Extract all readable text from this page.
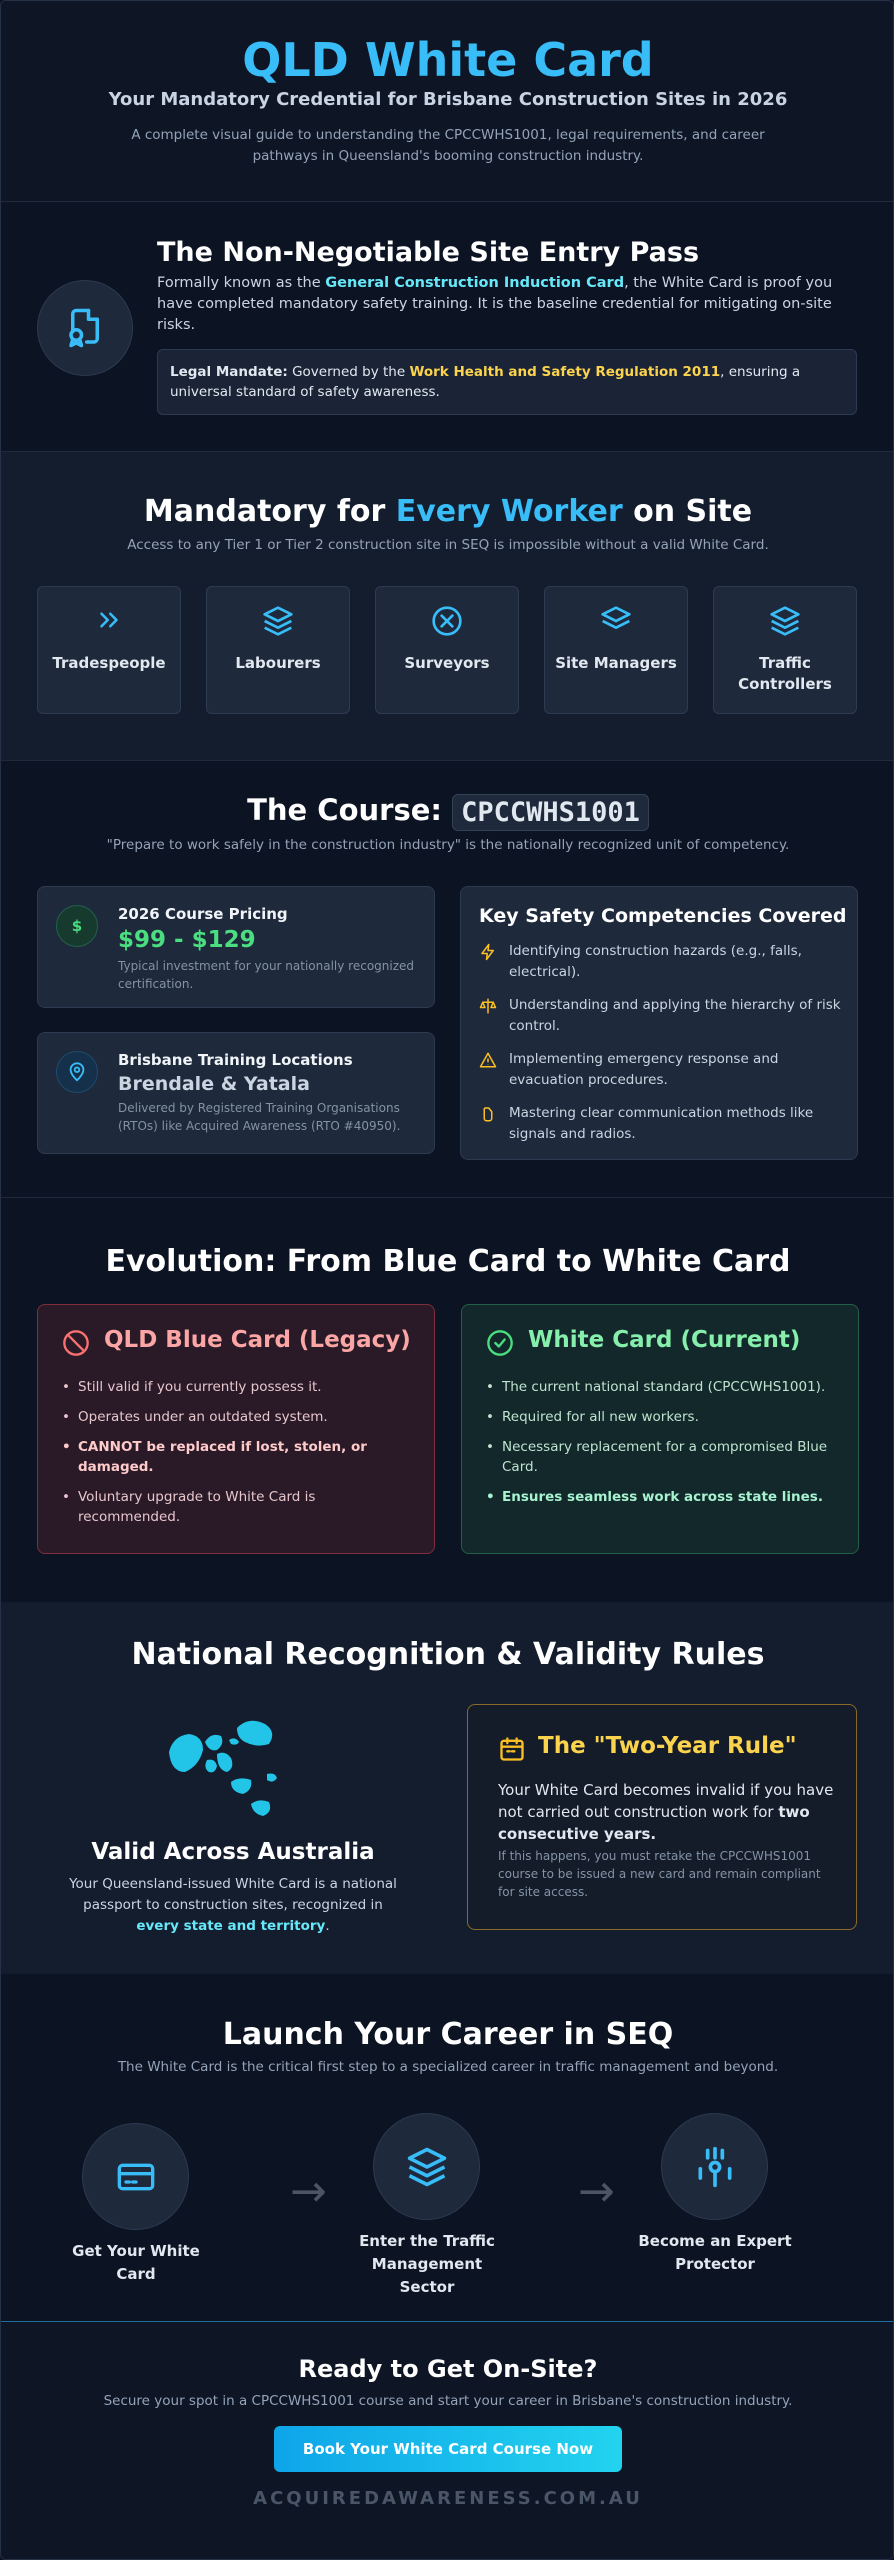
QLD White Card
Your Mandatory Credential for Brisbane Construction Sites in 2026
A complete visual guide to understanding the CPCCWHS1001, legal requirements, and career pathways in Queensland's booming construction industry.
The Non-Negotiable Site Entry Pass
Formally known as the General Construction Induction Card, the White Card is proof you have completed mandatory safety training. It is the baseline credential for mitigating on-site risks.
Legal Mandate: Governed by the Work Health and Safety Regulation 2011, ensuring a universal standard of safety awareness.
Mandatory for Every Worker on Site
Access to any Tier 1 or Tier 2 construction site in SEQ is impossible without a valid White Card.
Tradespeople	Labourers	Surveyors	Site Managers	Traffic Controllers
The Course: CPCCWHS1001
"Prepare to work safely in the construction industry" is the nationally recognized unit of competency.
$
2026 Course Pricing
$99 - $129
Typical investment for your nationally recognized certification.
Brisbane Training Locations
Brendale & Yatala
Delivered by Registered Training Organisations (RTOs) like Acquired Awareness (RTO #40950).
Key Safety Competencies Covered
Identifying construction hazards (e.g., falls, electrical).
Understanding and applying the hierarchy of risk control.
Implementing emergency response and evacuation procedures.
Mastering clear communication methods like signals and radios.
Evolution: From Blue Card to White Card
QLD Blue Card (Legacy)
• Still valid if you currently possess it.
• Operates under an outdated system.
• CANNOT be replaced if lost, stolen, or damaged.
• Voluntary upgrade to White Card is recommended.
White Card (Current)
• The current national standard (CPCCWHS1001).
• Required for all new workers.
• Necessary replacement for a compromised Blue Card.
• Ensures seamless work across state lines.
National Recognition & Validity Rules
Valid Across Australia
Your Queensland-issued White Card is a national passport to construction sites, recognized in every state and territory.
The "Two-Year Rule"
Your White Card becomes invalid if you have not carried out construction work for two consecutive years.
If this happens, you must retake the CPCCWHS1001 course to be issued a new card and remain compliant for site access.
Launch Your Career in SEQ
The White Card is the critical first step to a specialized career in traffic management and beyond.
Get Your White Card
→
Enter the Traffic Management Sector
→
Become an Expert Protector
Ready to Get On-Site?
Secure your spot in a CPCCWHS1001 course and start your career in Brisbane's construction industry.
Book Your White Card Course Now
ACQUIREDAWARENESS.COM.AU
